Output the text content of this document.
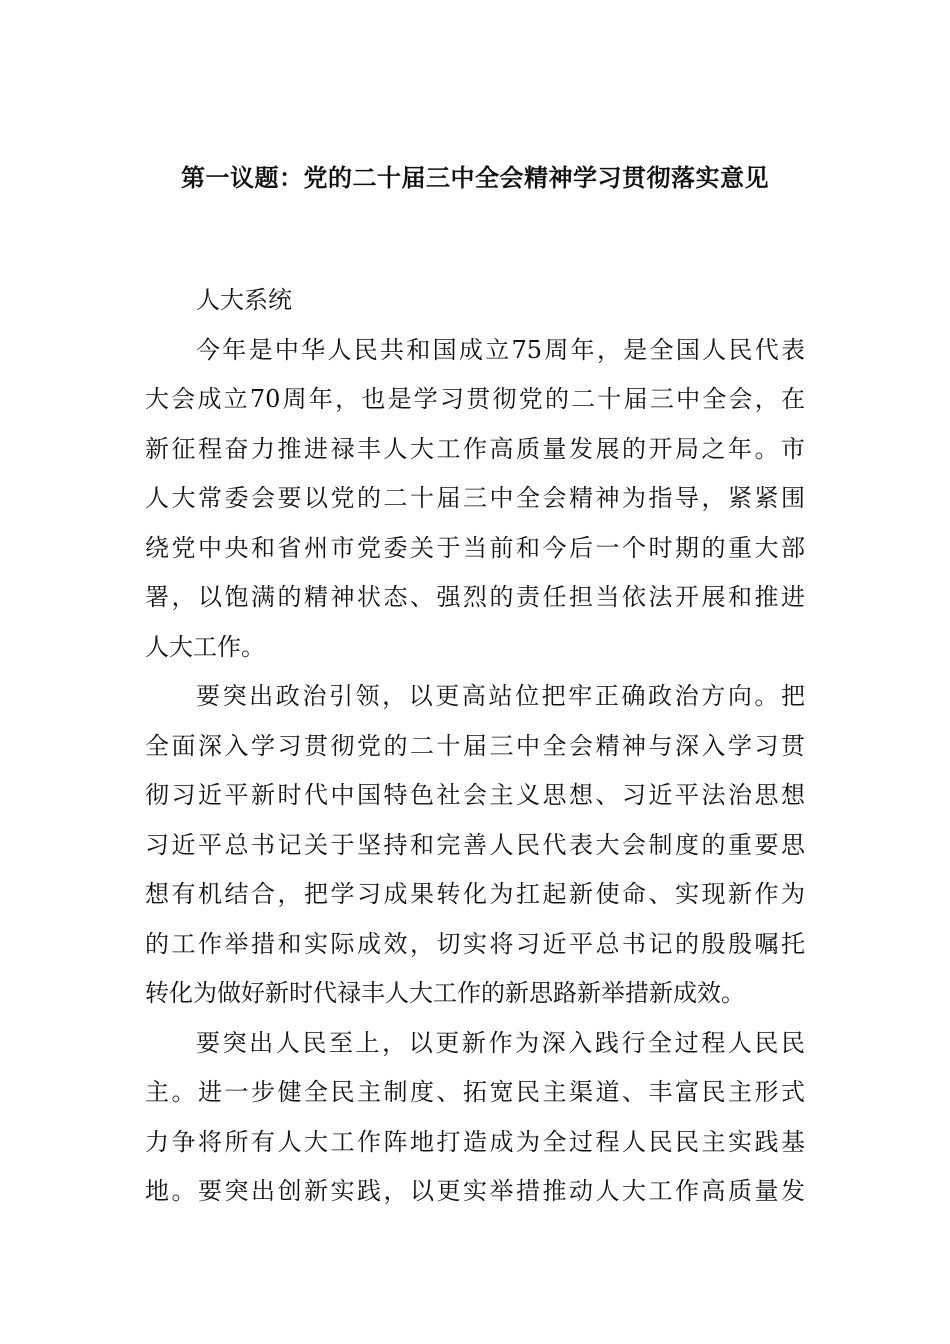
第一议题：党的二十届三中全会精神学习贯彻落实意见
人大系统
今年是中华人民共和国成立75周年，是全国人民代表
大会成立70周年，也是学习贯彻党的二十届三中全会，在
新征程奋力推进禄丰人大工作高质量发展的开局之年。市
人大常委会要以党的二十届三中全会精神为指导，紧紧围
绕党中央和省州市党委关于当前和今后一个时期的重大部
署，以饱满的精神状态、强烈的责任担当依法开展和推进
人大工作。
要突出政治引领，以更高站位把牢正确政治方向。把
全面深入学习贯彻党的二十届三中全会精神与深入学习贯
彻习近平新时代中国特色社会主义思想、习近平法治思想
习近平总书记关于坚持和完善人民代表大会制度的重要思
想有机结合，把学习成果转化为扛起新使命、实现新作为
的工作举措和实际成效，切实将习近平总书记的殷殷嘱托
转化为做好新时代禄丰人大工作的新思路新举措新成效。
要突出人民至上，以更新作为深入践行全过程人民民
主。进一步健全民主制度、拓宽民主渠道、丰富民主形式
力争将所有人大工作阵地打造成为全过程人民民主实践基
地。要突出创新实践，以更实举措推动人大工作高质量发
